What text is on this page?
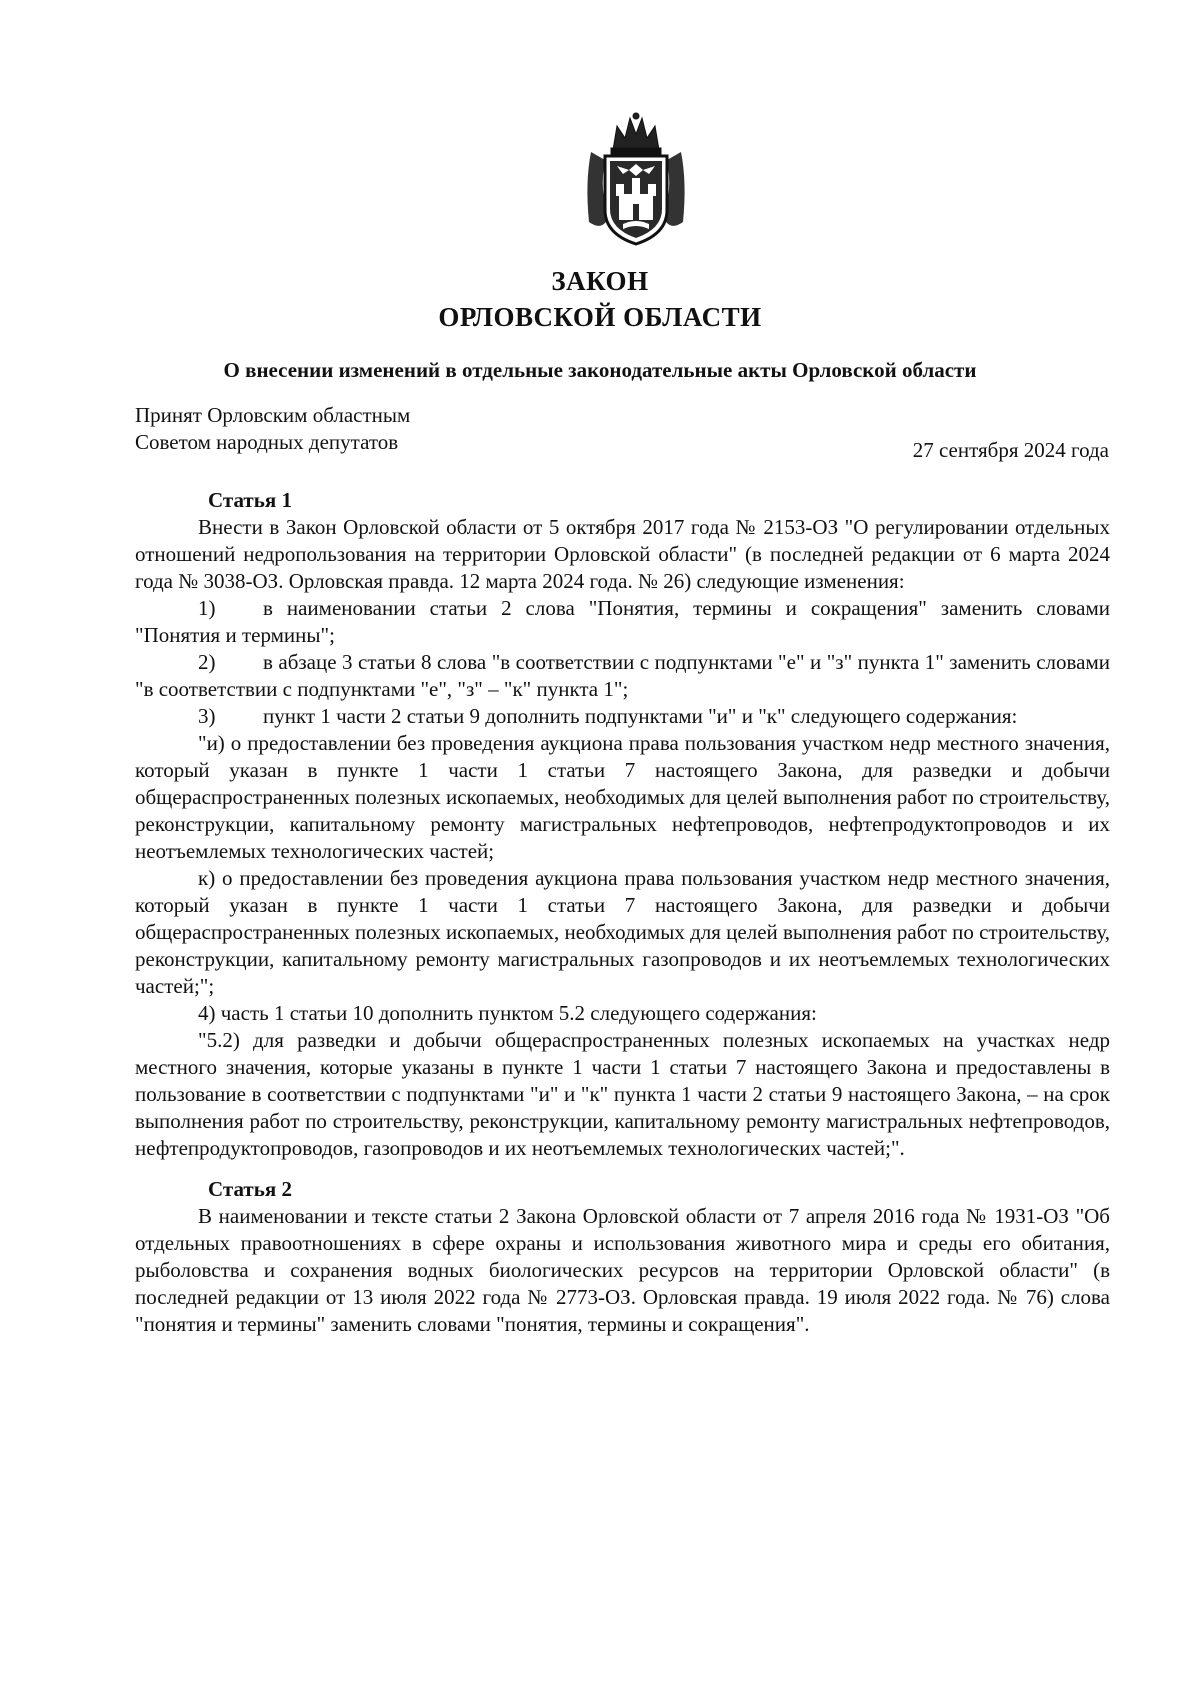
ЗАКОН
ОРЛОВСКОЙ ОБЛАСТИ
О внесении изменений в отдельные законодательные акты Орловской области
Принят Орловским областным
Советом народных депутатов	27 сентября 2024 года
Статья 1

Внести в Закон Орловской области от 5 октября 2017 года № 2153-ОЗ "О регулировании отдельных отношений недропользования на территории Орловской области" (в последней редакции от 6 марта 2024 года № 3038-ОЗ. Орловская правда. 12 марта 2024 года. № 26) следующие изменения:

1) в наименовании статьи 2 слова "Понятия, термины и сокращения" заменить словами "Понятия и термины";

2) в абзаце 3 статьи 8 слова "в соответствии с подпунктами "е" и "з" пункта 1" заменить словами "в соответствии с подпунктами "е", "з" – "к" пункта 1";

3) пункт 1 части 2 статьи 9 дополнить подпунктами "и" и "к" следующего содержания:

"и) о предоставлении без проведения аукциона права пользования участком недр местного значения, который указан в пункте 1 части 1 статьи 7 настоящего Закона, для разведки и добычи общераспространенных полезных ископаемых, необходимых для целей выполнения работ по строительству, реконструкции, капитальному ремонту магистральных нефтепроводов, нефтепродуктопроводов и их неотъемлемых технологических частей;

к) о предоставлении без проведения аукциона права пользования участком недр местного значения, который указан в пункте 1 части 1 статьи 7 настоящего Закона, для разведки и добычи общераспространенных полезных ископаемых, необходимых для целей выполнения работ по строительству, реконструкции, капитальному ремонту магистральных газопроводов и их неотъемлемых технологических частей;";

4) часть 1 статьи 10 дополнить пунктом 5.2 следующего содержания:

"5.2) для разведки и добычи общераспространенных полезных ископаемых на участках недр местного значения, которые указаны в пункте 1 части 1 статьи 7 настоящего Закона и предоставлены в пользование в соответствии с подпунктами "и" и "к" пункта 1 части 2 статьи 9 настоящего Закона, – на срок выполнения работ по строительству, реконструкции, капитальному ремонту магистральных нефтепроводов, нефтепродуктопроводов, газопроводов и их неотъемлемых технологических частей;".

Статья 2

В наименовании и тексте статьи 2 Закона Орловской области от 7 апреля 2016 года № 1931-ОЗ "Об отдельных правоотношениях в сфере охраны и использования животного мира и среды его обитания, рыболовства и сохранения водных биологических ресурсов на территории Орловской области" (в последней редакции от 13 июля 2022 года № 2773-ОЗ. Орловская правда. 19 июля 2022 года. № 76) слова "понятия и термины" заменить словами "понятия, термины и сокращения".
